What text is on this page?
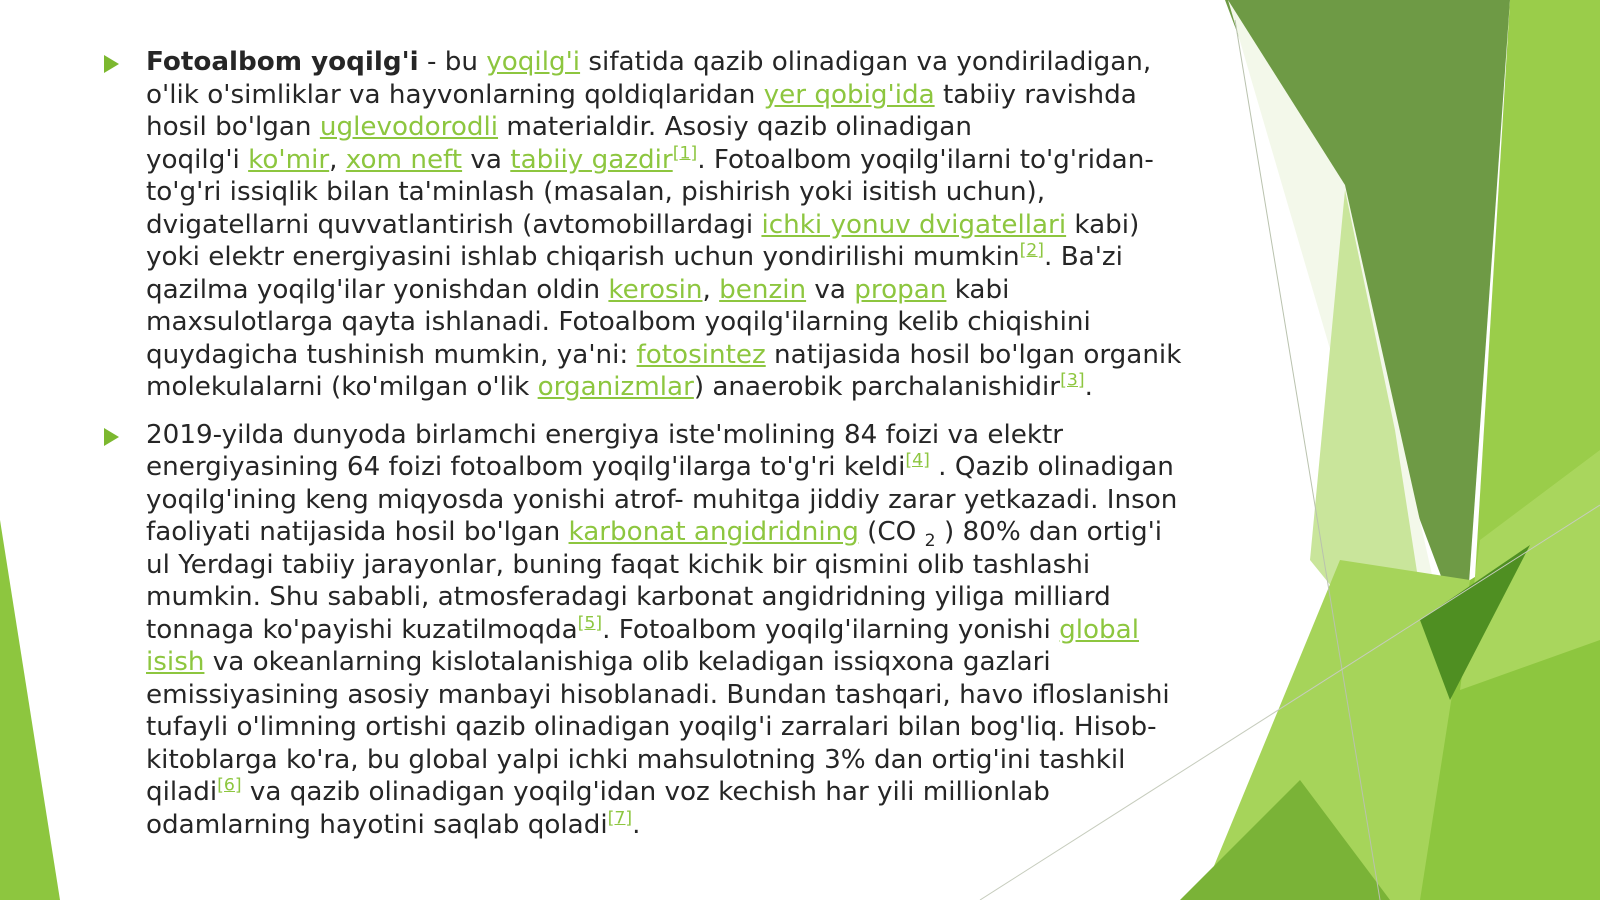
Fotoalbom yoqilg'i - bu yoqilg'i sifatida qazib olinadigan va yondiriladigan,
o'lik o'simliklar va hayvonlarning qoldiqlaridan yer qobig'ida tabiiy ravishda
hosil bo'lgan uglevodorodli materialdir. Asosiy qazib olinadigan
yoqilg'i ko'mir, xom neft va tabiiy gazdir[1]. Fotoalbom yoqilg'ilarni to'g'ridan-
to'g'ri issiqlik bilan ta'minlash (masalan, pishirish yoki isitish uchun),
dvigatellarni quvvatlantirish (avtomobillardagi ichki yonuv dvigatellari kabi)
yoki elektr energiyasini ishlab chiqarish uchun yondirilishi mumkin[2]. Ba'zi
qazilma yoqilg'ilar yonishdan oldin kerosin, benzin va propan kabi
maxsulotlarga qayta ishlanadi. Fotoalbom yoqilg'ilarning kelib chiqishini
quydagicha tushinish mumkin, ya'ni: fotosintez natijasida hosil bo'lgan organik
molekulalarni (ko'milgan o'lik organizmlar) anaerobik parchalanishidir[3].
2019-yilda dunyoda birlamchi energiya iste'molining 84 foizi va elektr
energiyasining 64 foizi fotoalbom yoqilg'ilarga to'g'ri keldi[4] . Qazib olinadigan
yoqilg'ining keng miqyosda yonishi atrof- muhitga jiddiy zarar yetkazadi. Inson
faoliyati natijasida hosil bo'lgan karbonat angidridning (CO $_2$ ) 80% dan ortig'i
ul Yerdagi tabiiy jarayonlar, buning faqat kichik bir qismini olib tashlashi
mumkin. Shu sababli, atmosferadagi karbonat angidridning yiliga milliard
tonnaga ko'payishi kuzatilmoqda[5]. Fotoalbom yoqilg'ilarning yonishi global
isish va okeanlarning kislotalanishiga olib keladigan issiqxona gazlari
emissiyasining asosiy manbayi hisoblanadi. Bundan tashqari, havo ifloslanishi
tufayli o'limning ortishi qazib olinadigan yoqilg'i zarralari bilan bog'liq. Hisob-
kitoblarga ko'ra, bu global yalpi ichki mahsulotning 3% dan ortig'ini tashkil
qiladi[6] va qazib olinadigan yoqilg'idan voz kechish har yili millionlab
odamlarning hayotini saqlab qoladi[7].
